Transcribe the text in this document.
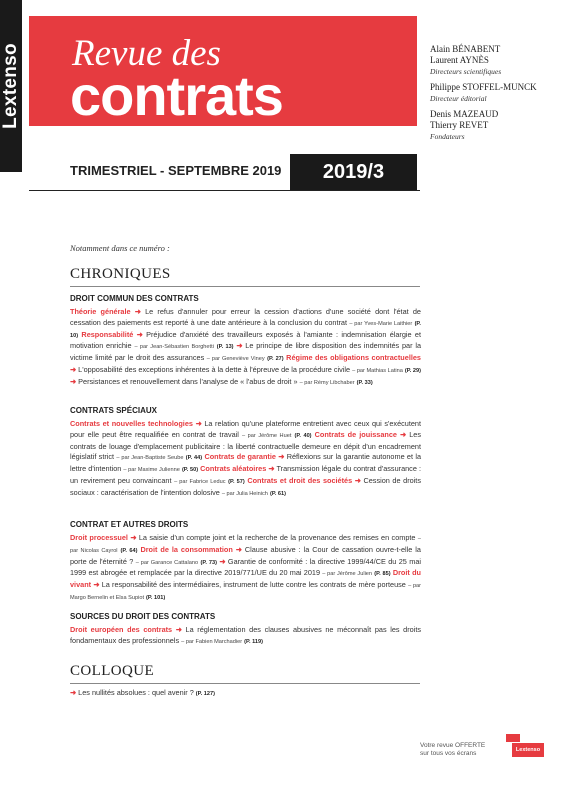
Lextenso Revue des
contrats
Alain BÉNABENT
Laurent AYNÈS
Directeurs scientifiques
Philippe STOFFEL-MUNCK
Directeur éditorial
Denis MAZEAUD
Thierry REVET
Fondateurs
TRIMESTRIEL - SEPTEMBRE 2019	2019/3
Notamment dans ce numéro :
CHRONIQUES
DROIT COMMUN DES CONTRATS
Théorie générale ➜ Le refus d'annuler pour erreur la cession d'actions d'une société dont l'état de cessation des paiements est reporté à une date antérieure à la conclusion du contrat – par Yves-Marie Laithier (P. 10) Responsabilité ➜ Préjudice d'anxiété des travailleurs exposés à l'amiante : indemnisation élargie et motivation enrichie – par Jean-Sébastien Borghetti (P. 13) ➜ Le principe de libre disposition des indemnités par la victime limité par le droit des assurances – par Geneviève Viney (P. 27) Régime des obligations contractuelles ➜ L'opposabilité des exceptions inhérentes à la dette à l'épreuve de la procédure civile – par Mathias Latina (P. 29) ➜ Persistances et renouvellement dans l'analyse de « l'abus de droit » – par Rémy Libchaber (P. 33)
CONTRATS SPÉCIAUX
Contrats et nouvelles technologies ➜ La relation qu'une plateforme entretient avec ceux qui s'exécutent pour elle peut être requalifiée en contrat de travail – par Jérôme Huet (P. 40) Contrats de jouissance ➜ Les contrats de louage d'emplacement publicitaire : la liberté contractuelle demeure en dépit d'un encadrement législatif strict – par Jean-Baptiste Seube (P. 44) Contrats de garantie ➜ Réflexions sur la garantie autonome et la lettre d'intention – par Maxime Julienne (P. 50) Contrats aléatoires ➜ Transmission légale du contrat d'assurance : un revirement peu convaincant – par Fabrice Leduc (P. 57) Contrats et droit des sociétés ➜ Cession de droits sociaux : caractérisation de l'intention dolosive – par Julia Heinich (P. 61)
CONTRAT ET AUTRES DROITS
Droit processuel ➜ La saisie d'un compte joint et la recherche de la provenance des remises en compte – par Nicolas Cayrol (P. 64) Droit de la consommation ➜ Clause abusive : la Cour de cassation ouvre-t-elle la porte de l'éternité ? – par Garance Cattalano (P. 73) ➜ Garantie de conformité : la directive 1999/44/CE du 25 mai 1999 est abrogée et remplacée par la directive 2019/771/UE du 20 mai 2019 – par Jérôme Julien (P. 85) Droit du vivant ➜ La responsabilité des intermédiaires, instrument de lutte contre les contrats de mère porteuse – par Margo Bernelin et Elsa Supiot (P. 101)
SOURCES DU DROIT DES CONTRATS
Droit européen des contrats ➜ La réglementation des clauses abusives ne méconnaît pas les droits fondamentaux des professionnels – par Fabien Marchadier (P. 119)
COLLOQUE
➜ Les nullités absolues : quel avenir ? (P. 127)
Votre revue OFFERTE
sur tous vos écrans	Lextenso
